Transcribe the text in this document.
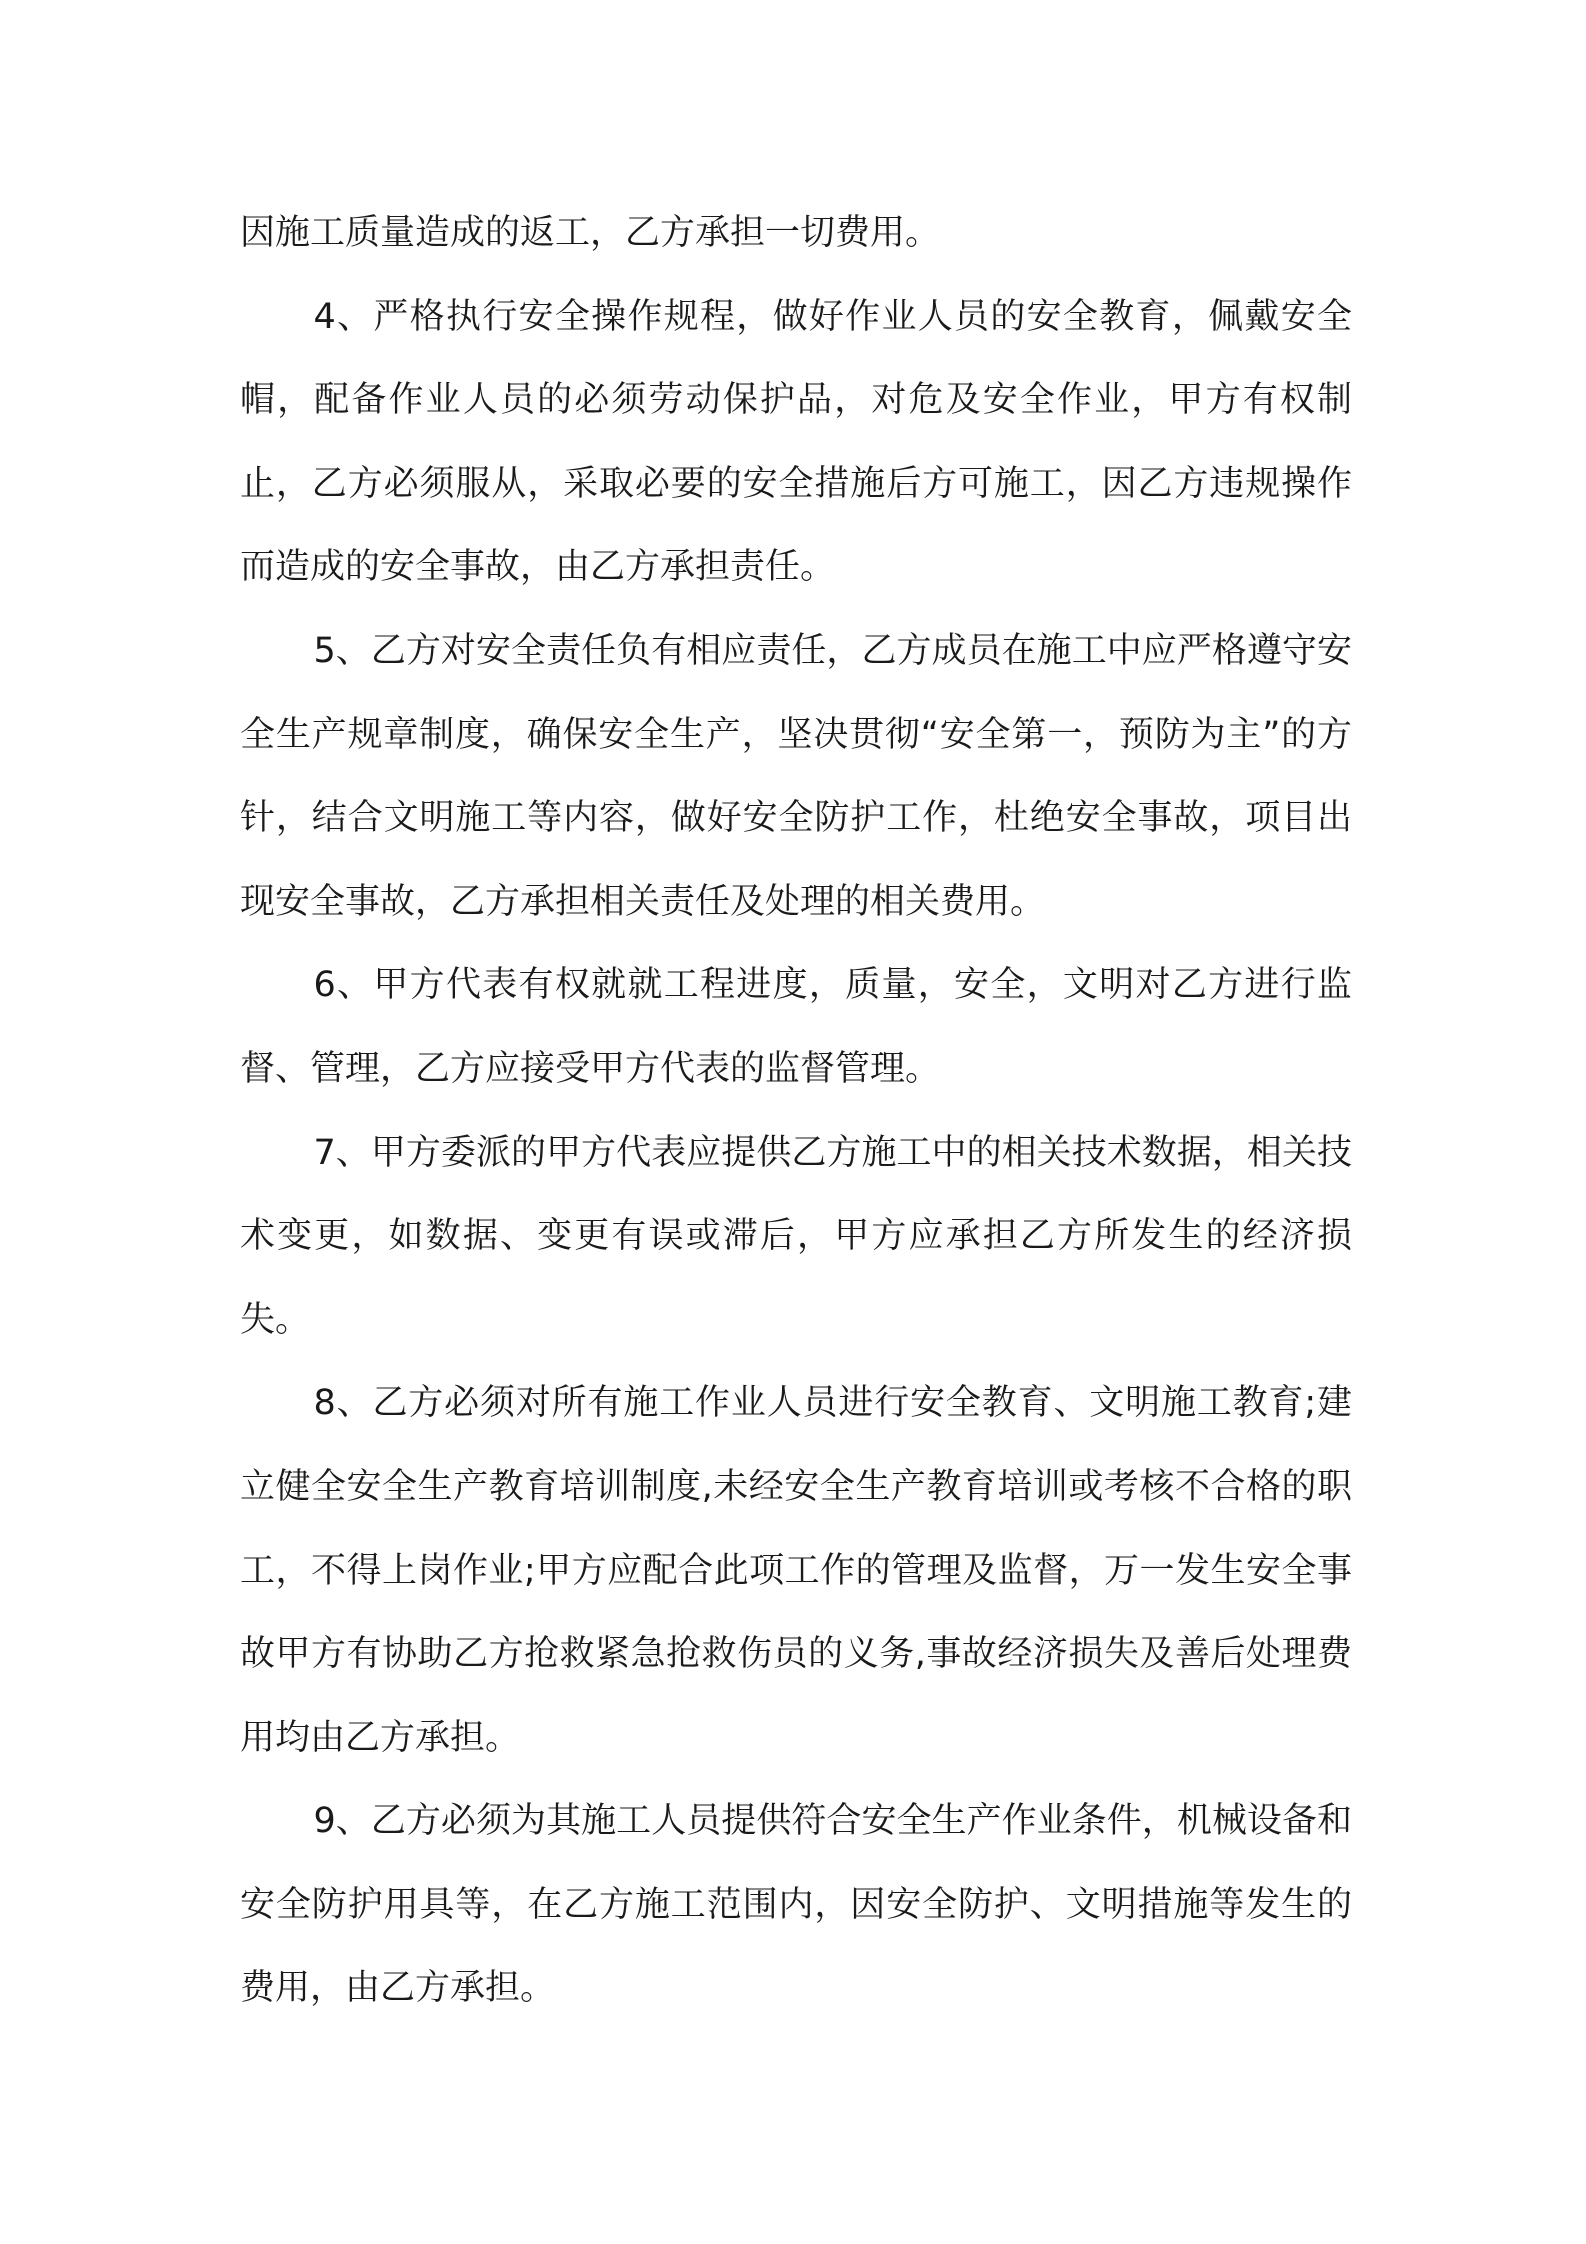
因施工质量造成的返工，乙方承担一切费用。

4、严格执行安全操作规程，做好作业人员的安全教育，佩戴安全帽，配备作业人员的必须劳动保护品，对危及安全作业，甲方有权制止，乙方必须服从，采取必要的安全措施后方可施工，因乙方违规操作而造成的安全事故，由乙方承担责任。

5、乙方对安全责任负有相应责任，乙方成员在施工中应严格遵守安全生产规章制度，确保安全生产，坚决贯彻“安全第一，预防为主”的方针，结合文明施工等内容，做好安全防护工作，杜绝安全事故，项目出现安全事故，乙方承担相关责任及处理的相关费用。

6、甲方代表有权就就工程进度，质量，安全，文明对乙方进行监督、管理，乙方应接受甲方代表的监督管理。

7、甲方委派的甲方代表应提供乙方施工中的相关技术数据，相关技术变更，如数据、变更有误或滞后，甲方应承担乙方所发生的经济损失。

8、乙方必须对所有施工作业人员进行安全教育、文明施工教育;建立健全安全生产教育培训制度,未经安全生产教育培训或考核不合格的职工，不得上岗作业;甲方应配合此项工作的管理及监督，万一发生安全事故甲方有协助乙方抢救紧急抢救伤员的义务,事故经济损失及善后处理费用均由乙方承担。

9、乙方必须为其施工人员提供符合安全生产作业条件，机械设备和安全防护用具等，在乙方施工范围内，因安全防护、文明措施等发生的费用，由乙方承担。
